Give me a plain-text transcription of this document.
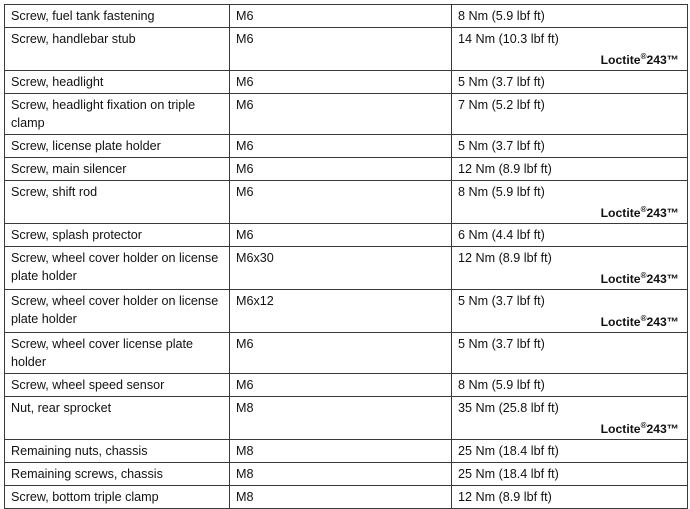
Screw, fuel tank fastening	M6	8 Nm (5.9 lbf ft)

Screw, handlebar stub	M6	14 Nm (10.3 lbf ft)
Loctite®243™

Screw, headlight	M6	5 Nm (3.7 lbf ft)

Screw, headlight fixation on triple clamp	M6	7 Nm (5.2 lbf ft)

Screw, license plate holder	M6	5 Nm (3.7 lbf ft)

Screw, main silencer	M6	12 Nm (8.9 lbf ft)

Screw, shift rod	M6	8 Nm (5.9 lbf ft)
Loctite®243™

Screw, splash protector	M6	6 Nm (4.4 lbf ft)

Screw, wheel cover holder on license plate holder	M6x30	12 Nm (8.9 lbf ft)
Loctite®243™

Screw, wheel cover holder on license plate holder	M6x12	5 Nm (3.7 lbf ft)
Loctite®243™

Screw, wheel cover license plate holder	M6	5 Nm (3.7 lbf ft)

Screw, wheel speed sensor	M6	8 Nm (5.9 lbf ft)

Nut, rear sprocket	M8	35 Nm (25.8 lbf ft)
Loctite®243™

Remaining nuts, chassis	M8	25 Nm (18.4 lbf ft)

Remaining screws, chassis	M8	25 Nm (18.4 lbf ft)

Screw, bottom triple clamp	M8	12 Nm (8.9 lbf ft)
